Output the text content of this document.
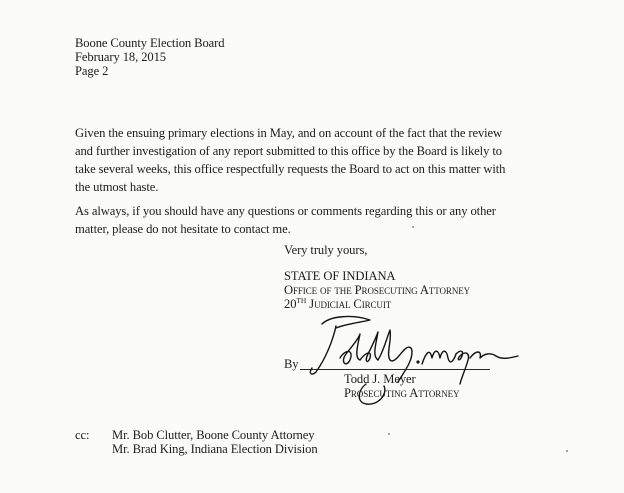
Boone County Election Board
February 18, 2015
Page 2
Given the ensuing primary elections in May, and on account of the fact that the review
and further investigation of any report submitted to this office by the Board is likely to
take several weeks, this office respectfully requests the Board to act on this matter with
the utmost haste.
As always, if you should have any questions or comments regarding this or any other
matter, please do not hesitate to contact me.
Very truly yours,
STATE OF INDIANA
Office of the Prosecuting Attorney
20TH Judicial Circuit
By
Todd J. Meyer
Prosecuting Attorney
cc: Mr. Bob Clutter, Boone County Attorney
Mr. Brad King, Indiana Election Division
